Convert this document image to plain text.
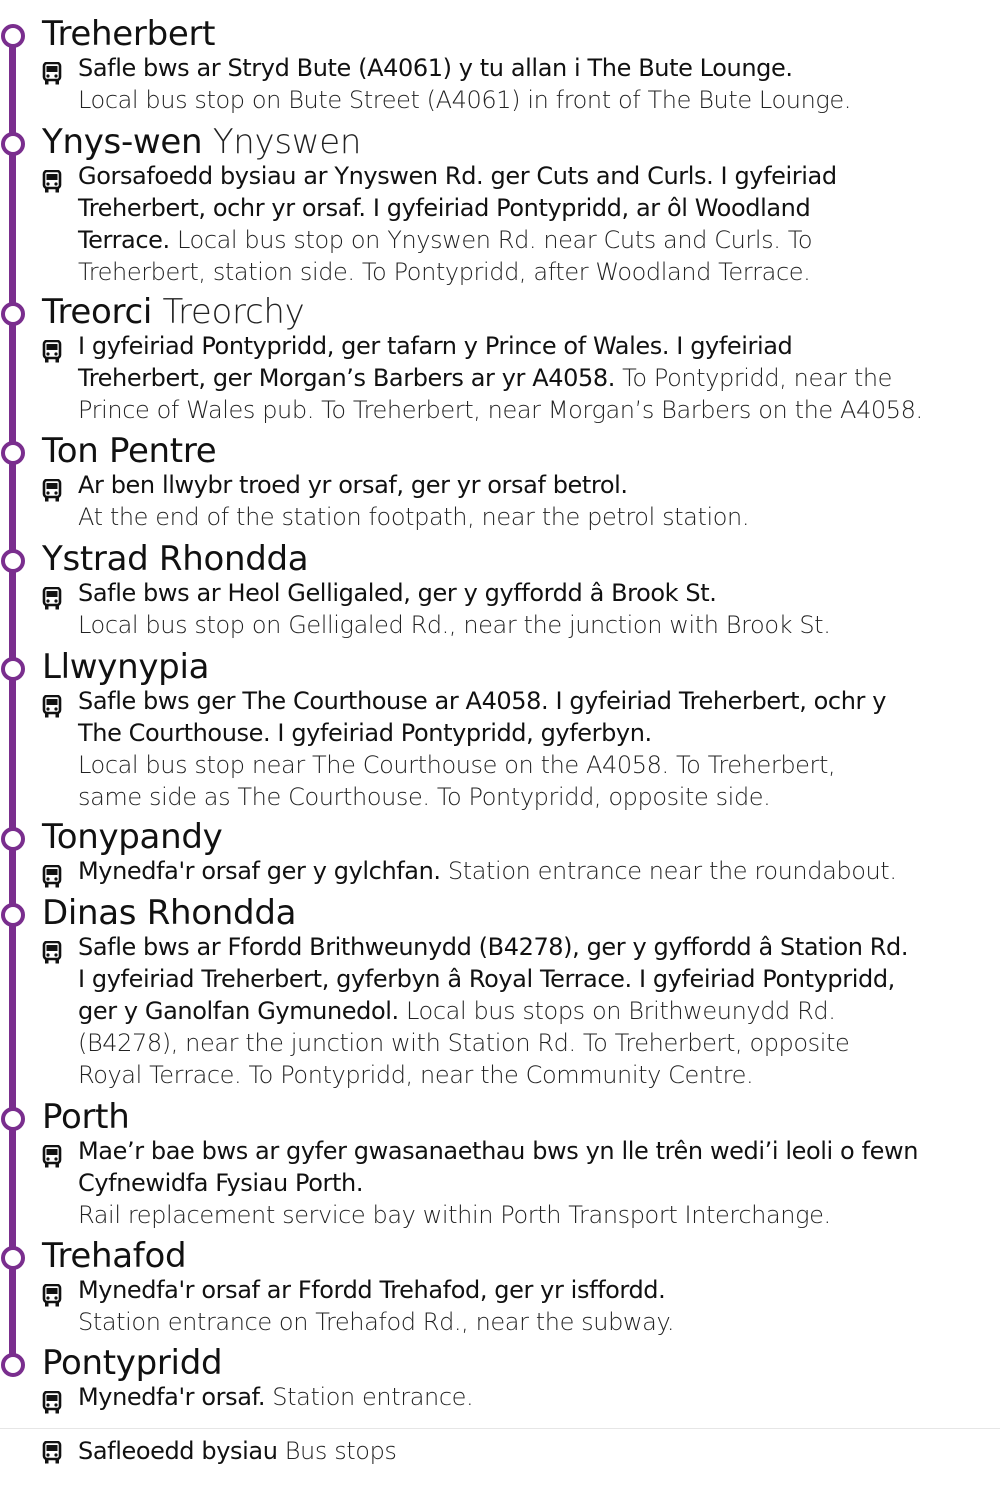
Treherbert

Safle bws ar Stryd Bute (A4061) y tu allan i The Bute Lounge.

Local bus stop on Bute Street (A4061) in front of The Bute Lounge.

Ynys-wen Ynyswen

Gorsafoedd bysiau ar Ynyswen Rd. ger Cuts and Curls. I gyfeiriad

Treherbert, ochr yr orsaf. I gyfeiriad Pontypridd, ar ôl Woodland

Terrace. Local bus stop on Ynyswen Rd. near Cuts and Curls. To

Treherbert, station side. To Pontypridd, after Woodland Terrace.

Treorci Treorchy

I gyfeiriad Pontypridd, ger tafarn y Prince of Wales. I gyfeiriad

Treherbert, ger Morgan’s Barbers ar yr A4058. To Pontypridd, near the

Prince of Wales pub. To Treherbert, near Morgan’s Barbers on the A4058.

Ton Pentre

Ar ben llwybr troed yr orsaf, ger yr orsaf betrol.

At the end of the station footpath, near the petrol station.

Ystrad Rhondda

Safle bws ar Heol Gelligaled, ger y gyffordd â Brook St.

Local bus stop on Gelligaled Rd., near the junction with Brook St.

Llwynypia

Safle bws ger The Courthouse ar A4058. I gyfeiriad Treherbert, ochr y

The Courthouse. I gyfeiriad Pontypridd, gyferbyn.

Local bus stop near The Courthouse on the A4058. To Treherbert,

same side as The Courthouse. To Pontypridd, opposite side.

Tonypandy

Mynedfa'r orsaf ger y gylchfan. Station entrance near the roundabout.

Dinas Rhondda

Safle bws ar Ffordd Brithweunydd (B4278), ger y gyffordd â Station Rd.

I gyfeiriad Treherbert, gyferbyn â Royal Terrace. I gyfeiriad Pontypridd,

ger y Ganolfan Gymunedol. Local bus stops on Brithweunydd Rd.

(B4278), near the junction with Station Rd. To Treherbert, opposite

Royal Terrace. To Pontypridd, near the Community Centre.

Porth

Mae’r bae bws ar gyfer gwasanaethau bws yn lle trên wedi’i leoli o fewn

Cyfnewidfa Fysiau Porth.

Rail replacement service bay within Porth Transport Interchange.

Trehafod

Mynedfa'r orsaf ar Ffordd Trehafod, ger yr isffordd.

Station entrance on Trehafod Rd., near the subway.

Pontypridd

Mynedfa'r orsaf. Station entrance.

Safleoedd bysiau Bus stops
